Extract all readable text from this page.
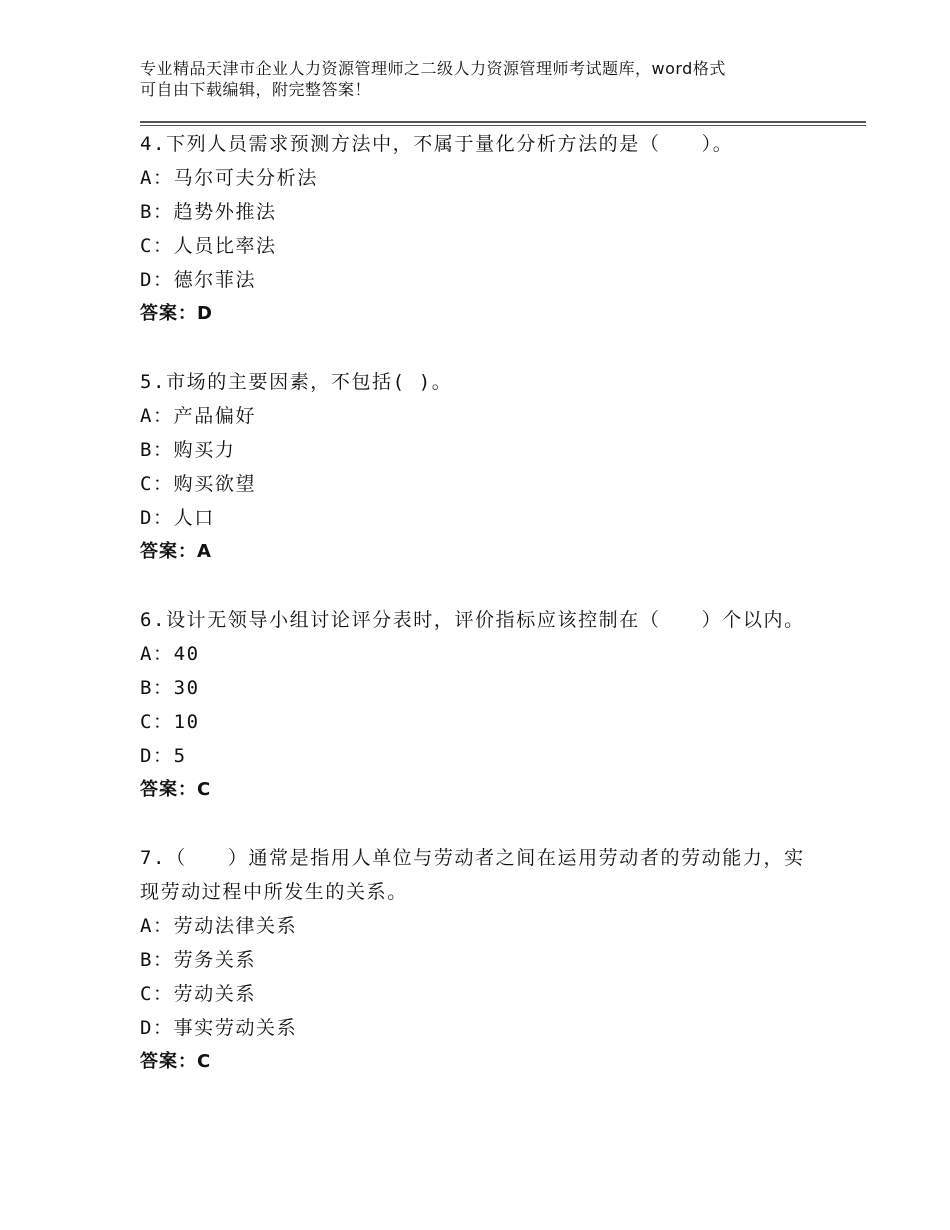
专业精品天津市企业人力资源管理师之二级人力资源管理师考试题库，word格式
可自由下载编辑，附完整答案！

4.下列人员需求预测方法中，不属于量化分析方法的是（　　）。

A： 马尔可夫分析法
B： 趋势外推法
C： 人员比率法
D： 德尔菲法

答案：D

5.市场的主要因素，不包括( )。

A： 产品偏好
B： 购买力
C： 购买欲望
D： 人口

答案：A

6.设计无领导小组讨论评分表时，评价指标应该控制在（　　）个以内。

A： 40
B： 30
C： 10
D： 5

答案：C

7.（　　）通常是指用人单位与劳动者之间在运用劳动者的劳动能力，实现劳动过程中所发生的关系。

A： 劳动法律关系
B： 劳务关系
C： 劳动关系
D： 事实劳动关系

答案：C
